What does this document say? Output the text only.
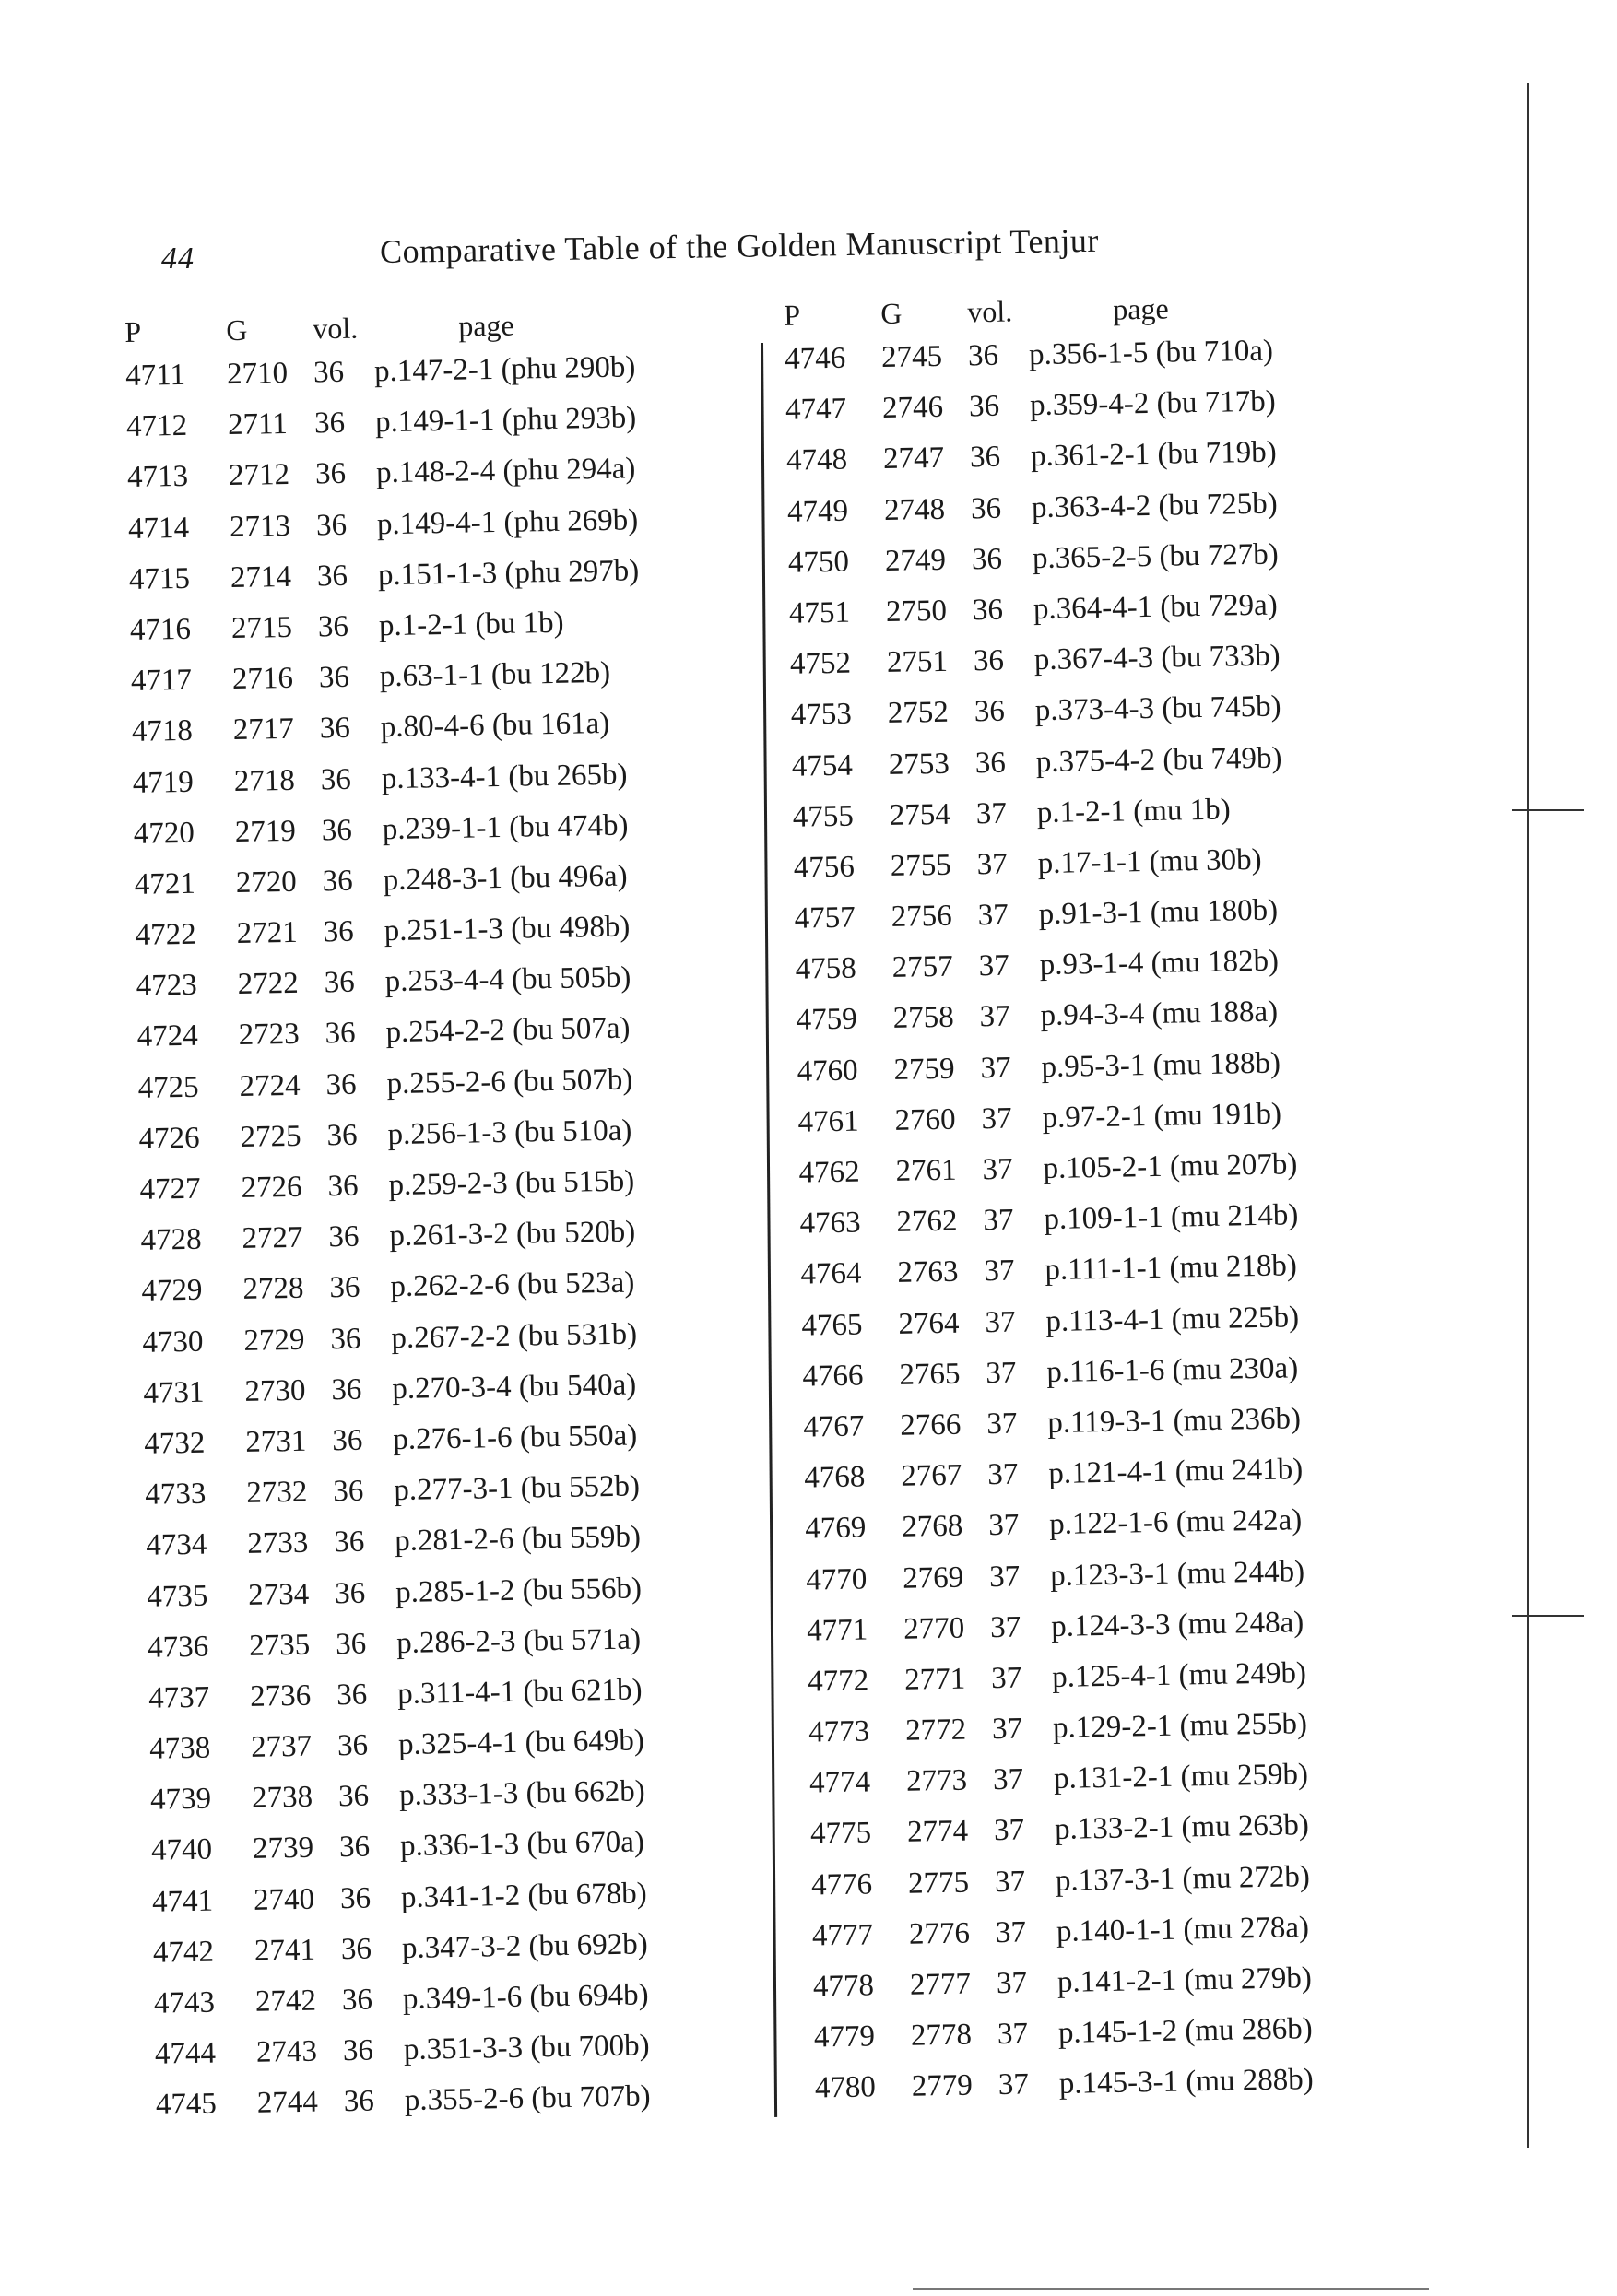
44	Comparative Table of the Golden Manuscript Tenjur
P	G	vol.	page
4711	2710 36 p.147-2-1 (phu 290b)
4712	2711 36 p.149-1-1 (phu 293b)
4713	2712 36 p.148-2-4 (phu 294a)
4714	2713 36 p.149-4-1 (phu 269b)
4715	2714 36 p.151-1-3 (phu 297b)
4716	2715 36 p.1-2-1 (bu 1b)
4717	2716 36 p.63-1-1 (bu 122b)
4718	2717 36 p.80-4-6 (bu 161a)
4719	2718 36 p.133-4-1 (bu 265b)
4720	2719 36 p.239-1-1 (bu 474b)
4721	2720 36 p.248-3-1 (bu 496a)
4722	2721 36 p.251-1-3 (bu 498b)
4723	2722 36 p.253-4-4 (bu 505b)
4724	2723 36 p.254-2-2 (bu 507a)
4725	2724 36 p.255-2-6 (bu 507b)
4726	2725 36 p.256-1-3 (bu 510a)
4727	2726 36 p.259-2-3 (bu 515b)
4728	2727 36 p.261-3-2 (bu 520b)
4729	2728 36 p.262-2-6 (bu 523a)
4730	2729 36 p.267-2-2 (bu 531b)
4731	2730 36 p.270-3-4 (bu 540a)
4732	2731 36 p.276-1-6 (bu 550a)
4733	2732 36 p.277-3-1 (bu 552b)
4734	2733 36 p.281-2-6 (bu 559b)
4735	2734 36 p.285-1-2 (bu 556b)
4736	2735 36 p.286-2-3 (bu 571a)
4737	2736 36 p.311-4-1 (bu 621b)
4738	2737 36 p.325-4-1 (bu 649b)
4739	2738 36 p.333-1-3 (bu 662b)
4740	2739 36 p.336-1-3 (bu 670a)
4741	2740 36 p.341-1-2 (bu 678b)
4742	2741 36 p.347-3-2 (bu 692b)
4743	2742 36 p.349-1-6 (bu 694b)
4744	2743 36 p.351-3-3 (bu 700b)
4745	2744 36 p.355-2-6 (bu 707b)
P	G	vol.	page
4746	2745 36 p.356-1-5 (bu 710a)
4747	2746 36 p.359-4-2 (bu 717b)
4748	2747 36 p.361-2-1 (bu 719b)
4749	2748 36 p.363-4-2 (bu 725b)
4750	2749 36 p.365-2-5 (bu 727b)
4751	2750 36 p.364-4-1 (bu 729a)
4752	2751 36 p.367-4-3 (bu 733b)
4753	2752 36 p.373-4-3 (bu 745b)
4754	2753 36 p.375-4-2 (bu 749b)
4755	2754 37 p.1-2-1 (mu 1b)
4756	2755 37 p.17-1-1 (mu 30b)
4757	2756 37 p.91-3-1 (mu 180b)
4758	2757 37 p.93-1-4 (mu 182b)
4759	2758 37 p.94-3-4 (mu 188a)
4760	2759 37 p.95-3-1 (mu 188b)
4761	2760 37 p.97-2-1 (mu 191b)
4762	2761 37 p.105-2-1 (mu 207b)
4763	2762 37 p.109-1-1 (mu 214b)
4764	2763 37 p.111-1-1 (mu 218b)
4765	2764 37 p.113-4-1 (mu 225b)
4766	2765 37 p.116-1-6 (mu 230a)
4767	2766 37 p.119-3-1 (mu 236b)
4768	2767 37 p.121-4-1 (mu 241b)
4769	2768 37 p.122-1-6 (mu 242a)
4770	2769 37 p.123-3-1 (mu 244b)
4771	2770 37 p.124-3-3 (mu 248a)
4772	2771 37 p.125-4-1 (mu 249b)
4773	2772 37 p.129-2-1 (mu 255b)
4774	2773 37 p.131-2-1 (mu 259b)
4775	2774 37 p.133-2-1 (mu 263b)
4776	2775 37 p.137-3-1 (mu 272b)
4777	2776 37 p.140-1-1 (mu 278a)
4778	2777 37 p.141-2-1 (mu 279b)
4779	2778 37 p.145-1-2 (mu 286b)
4780	2779 37 p.145-3-1 (mu 288b)
